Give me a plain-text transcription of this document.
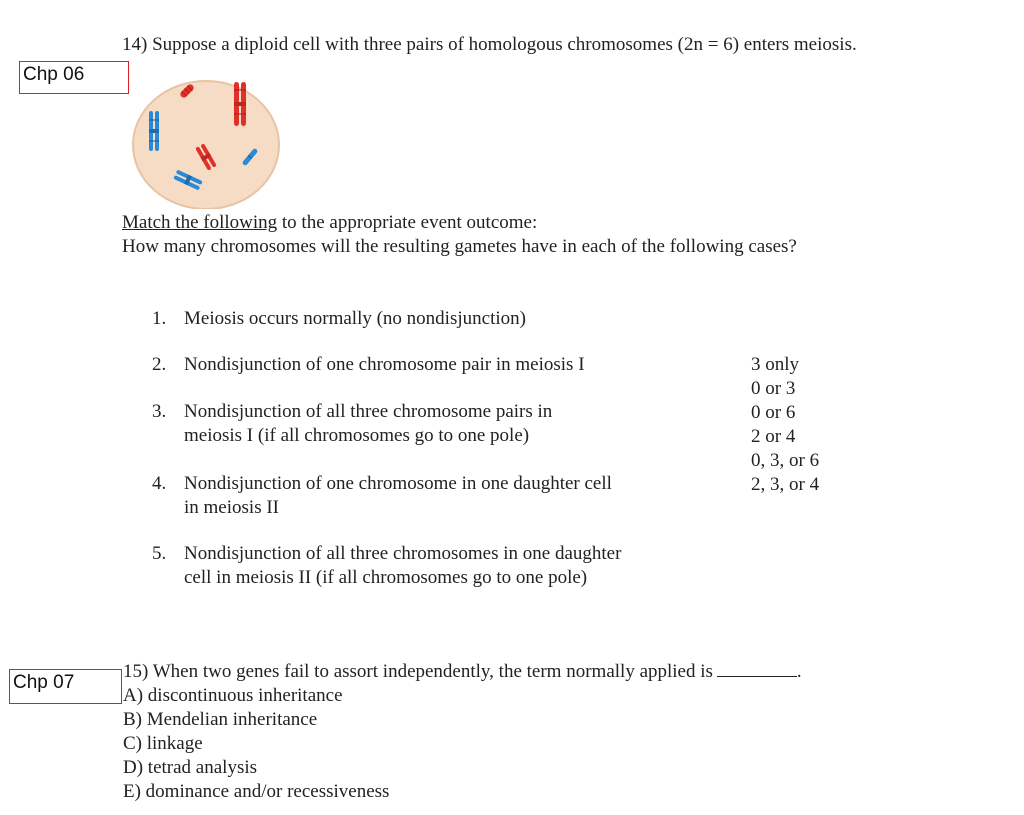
14) Suppose a diploid cell with three pairs of homologous chromosomes (2n = 6) enters meiosis.
Chp 06
Match the following to the appropriate event outcome:
How many chromosomes will the resulting gametes have in each of the following cases?
1. Meiosis occurs normally (no nondisjunction)
2. Nondisjunction of one chromosome pair in meiosis I
3. Nondisjunction of all three chromosome pairs in meiosis I (if all chromosomes go to one pole)
4. Nondisjunction of one chromosome in one daughter cell in meiosis II
5. Nondisjunction of all three chromosomes in one daughter cell in meiosis II (if all chromosomes go to one pole)
3 only
0 or 3
0 or 6
2 or 4
0, 3, or 6
2, 3, or 4
Chp 07
15) When two genes fail to assort independently, the term normally applied is	.
A) discontinuous inheritance
B) Mendelian inheritance
C) linkage
D) tetrad analysis
E) dominance and/or recessiveness
